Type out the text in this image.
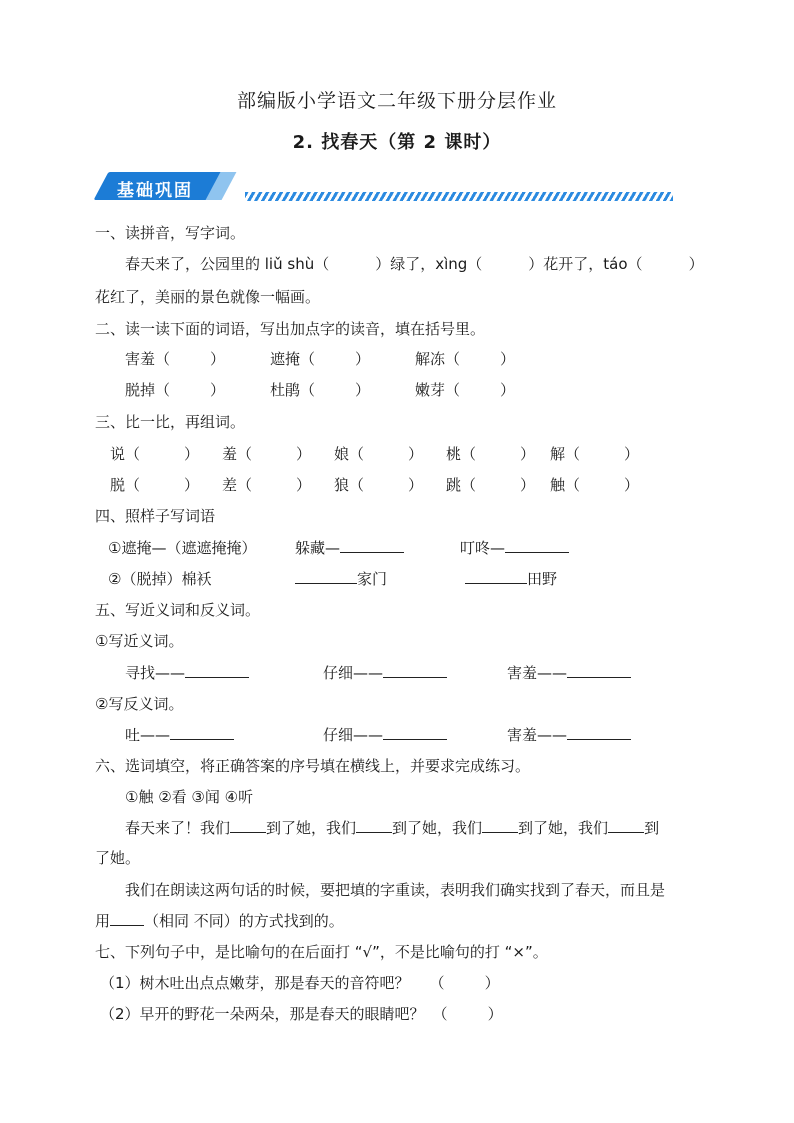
部编版小学语文二年级下册分层作业
2. 找春天（第 2 课时）
基础巩固
一、读拼音，写字词。
春天来了，公园里的 liǔ shù（	）绿了，xìng（	）花开了，táo（	）
花红了，美丽的景色就像一幅画。
二、读一读下面的词语，写出加点字的读音，填在括号里。
害羞（	）	遮掩（	）	解冻（	）
脱掉（	）	杜鹃（	）	嫩芽（	）
三、比一比，再组词。
说（	） 羞（	） 娘（	） 桃（	） 解（	）
脱（	） 差（	） 狼（	） 跳（	） 触（	）
四、照样子写词语
①遮掩—（遮遮掩掩）	躲藏—	叮咚—
②（脱掉）棉袄	家门	田野
五、写近义词和反义词。
①写近义词。
寻找——	仔细——	害羞——
②写反义词。
吐——	仔细——	害羞——
六、选词填空，将正确答案的序号填在横线上，并要求完成练习。
①触 ②看 ③闻 ④听
春天来了！我们 到了她，我们 到了她，我们 到了她，我们 到
了她。
我们在朗读这两句话的时候，要把填的字重读，表明我们确实找到了春天，而且是
用 （相同 不同）的方式找到的。
七、下列句子中，是比喻句的在后面打 “√”，不是比喻句的打 “×”。
（1）树木吐出点点嫩芽，那是春天的音符吧？ （	）
（2）早开的野花一朵两朵，那是春天的眼睛吧？ （	）
